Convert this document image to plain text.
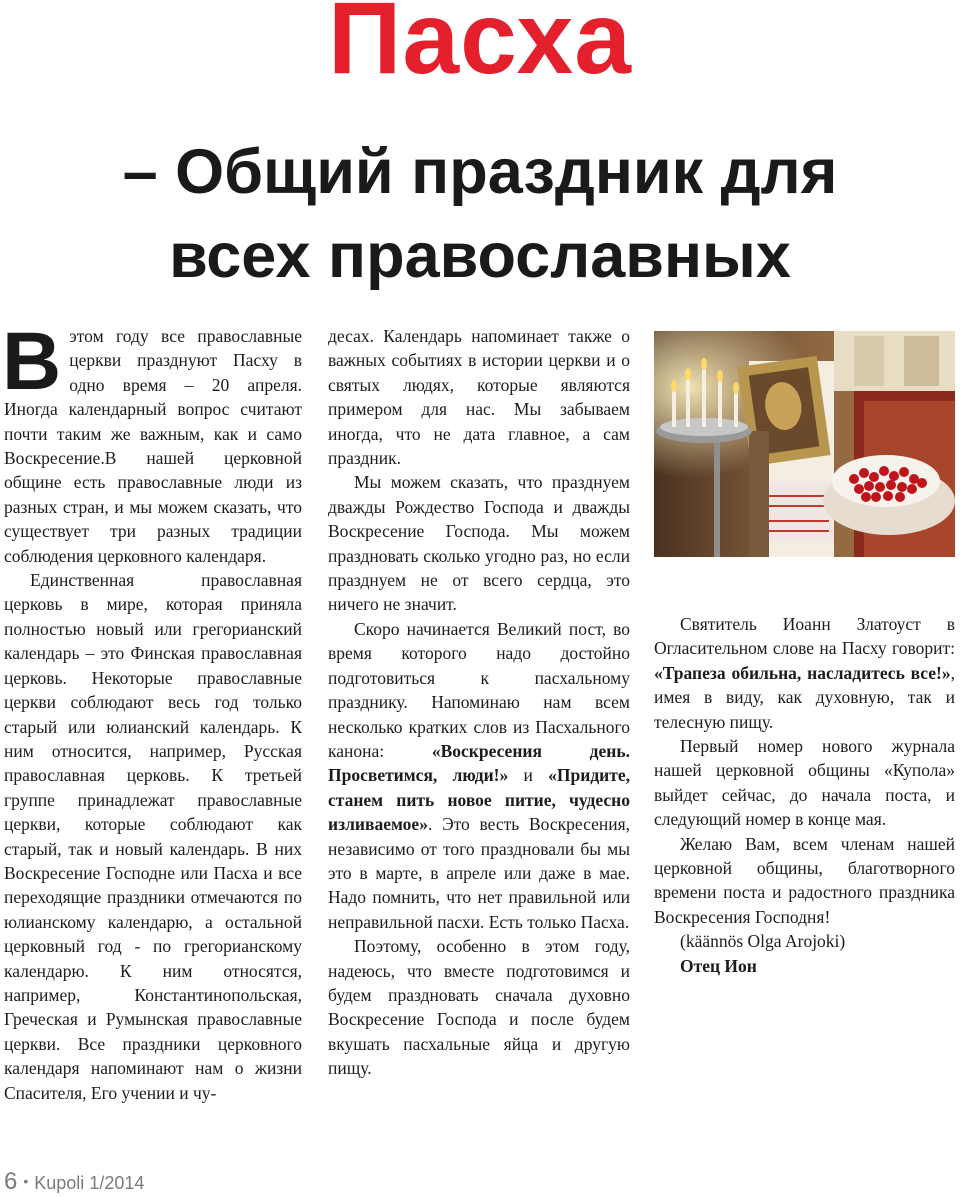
Пасха
– Общий праздник для
всех православных

В этом году все православные церкви празднуют Пасху в одно время – 20 апреля. Иногда календарный вопрос считают почти таким же важным, как и само Воскресение.В нашей церковной общине есть православные люди из разных стран, и мы можем сказать, что существует три разных традиции соблюдения церковного календаря.

Единственная православная церковь в мире, которая приняла полностью новый или грегорианский календарь – это Финская православная церковь. Некоторые православные церкви соблюдают весь год только старый или юлианский календарь. К ним относится, например, Русская православная церковь. К третьей группе принадлежат православные церкви, которые соблюдают как старый, так и новый календарь. В них Воскресение Господне или Пасха и все переходящие праздники отмечаются по юлианскому календарю, а остальной церковный год - по грегорианскому календарю. К ним относятся, например, Константинопольская, Греческая и Румынская православные церкви. Все праздники церковного календаря напоминают нам о жизни Спасителя, Его учении и чу-

десах. Календарь напоминает также о важных событиях в истории церкви и о святых людях, которые являются примером для нас. Мы забываем иногда, что не дата главное, а сам праздник.

Мы можем сказать, что празднуем дважды Рождество Господа и дважды Воскресение Господа. Мы можем праздновать сколько угодно раз, но если празднуем не от всего сердца, это ничего не значит.

Скоро начинается Великий пост, во время которого надо достойно подготовиться к пасхальному празднику. Напоминаю нам всем несколько кратких слов из Пасхального канона: «Воскресения день. Просветимся, люди!» и «Придите, станем пить новое питие, чудесно изливаемое». Это весть Воскресения, независимо от того праздновали бы мы это в марте, в апреле или даже в мае. Надо помнить, что нет правильной или неправильной пасхи. Есть только Пасха.

Поэтому, особенно в этом году, надеюсь, что вместе подготовимся и будем праздновать сначала духовно Воскресение Господа и после будем вкушать пасхальные яйца и другую пищу.

Святитель Иоанн Златоуст в Огласительном слове на Пасху говорит: «Трапеза обильна, насладитесь все!», имея в виду, как духовную, так и телесную пищу.

Первый номер нового журнала нашей церковной общины «Купола» выйдет сейчас, до начала поста, и следующий номер в конце мая.

Желаю Вам, всем членам нашей церковной общины, благотворного времени поста и радостного праздника Воскресения Господня!

(käännös Olga Arojoki)

Отец Ион

6 • Kupoli 1/2014
